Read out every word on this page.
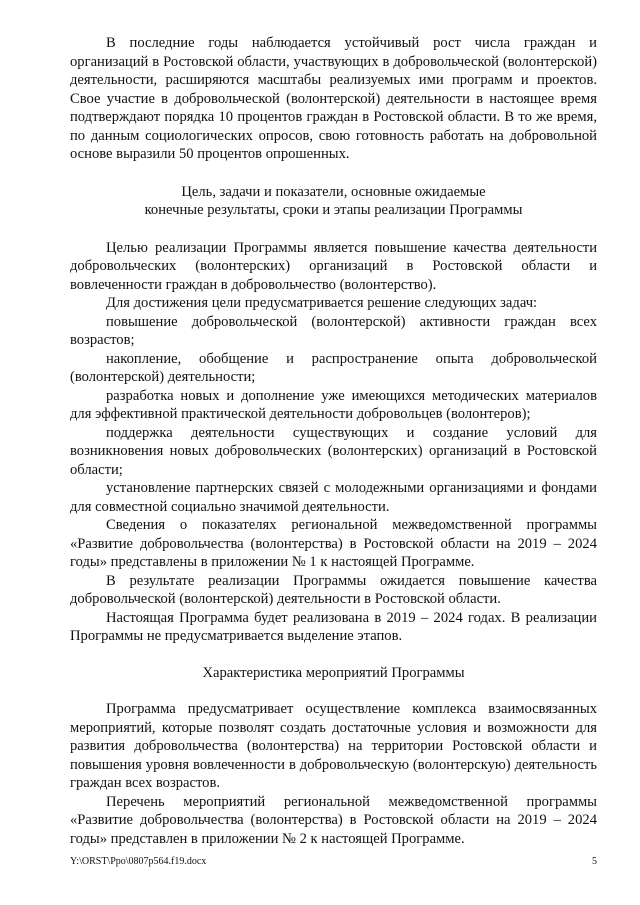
В последние годы наблюдается устойчивый рост числа граждан и организаций в Ростовской области, участвующих в добровольческой (волонтерской) деятельности, расширяются масштабы реализуемых ими программ и проектов. Свое участие в добровольческой (волонтерской) деятельности в настоящее время подтверждают порядка 10 процентов граждан в Ростовской области. В то же время, по данным социологических опросов, свою готовность работать на добровольной основе выразили 50 процентов опрошенных.

Цель, задачи и показатели, основные ожидаемые
конечные результаты, сроки и этапы реализации Программы

Целью реализации Программы является повышение качества деятельности добровольческих (волонтерских) организаций в Ростовской области и вовлеченности граждан в добровольчество (волонтерство).

Для достижения цели предусматривается решение следующих задач:

повышение добровольческой (волонтерской) активности граждан всех возрастов;

накопление, обобщение и распространение опыта добровольческой (волонтерской) деятельности;

разработка новых и дополнение уже имеющихся методических материалов для эффективной практической деятельности добровольцев (волонтеров);

поддержка деятельности существующих и создание условий для возникновения новых добровольческих (волонтерских) организаций в Ростовской области;

установление партнерских связей с молодежными организациями и фондами для совместной социально значимой деятельности.

Сведения о показателях региональной межведомственной программы «Развитие добровольчества (волонтерства) в Ростовской области на 2019 – 2024 годы» представлены в приложении № 1 к настоящей Программе.

В результате реализации Программы ожидается повышение качества добровольческой (волонтерской) деятельности в Ростовской области.

Настоящая Программа будет реализована в 2019 – 2024 годах. В реализации Программы не предусматривается выделение этапов.

Характеристика мероприятий Программы

Программа предусматривает осуществление комплекса взаимосвязанных мероприятий, которые позволят создать достаточные условия и возможности для развития добровольчества (волонтерства) на территории Ростовской области и повышения уровня вовлеченности в добровольческую (волонтерскую) деятельность граждан всех возрастов.

Перечень мероприятий региональной межведомственной программы «Развитие добровольчества (волонтерства) в Ростовской области на 2019 – 2024 годы» представлен в приложении № 2 к настоящей Программе.

Y:\ORST\Ppo\0807p564.f19.docx	5
